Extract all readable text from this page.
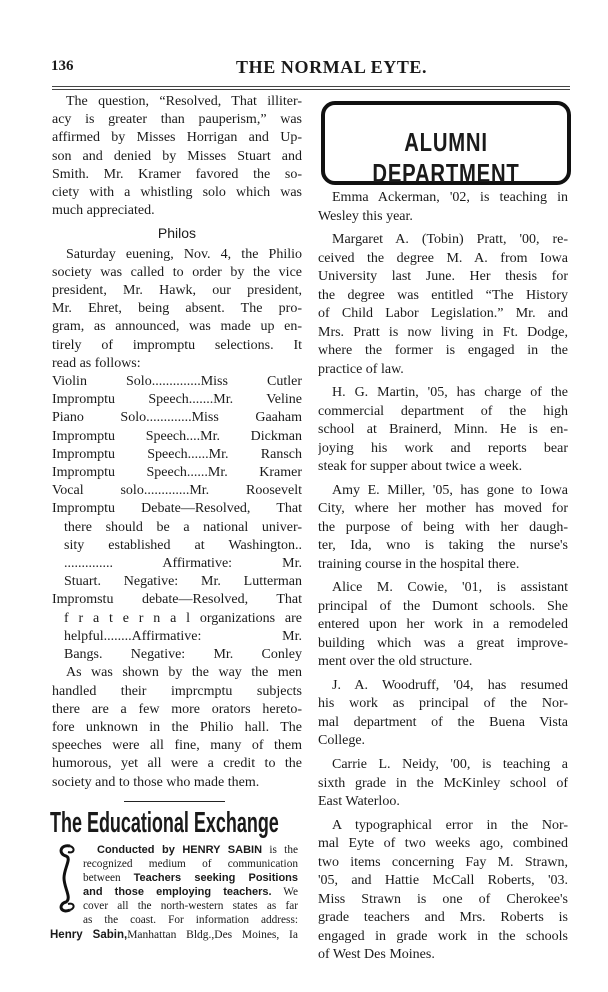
136	THE NORMAL EYTE.
The question, “Resolved, That illiter-
acy is greater than pauperism,” was
affirmed by Misses Horrigan and Up-
son and denied by Misses Stuart and
Smith. Mr. Kramer favored the so-
ciety with a whistling solo which was
much appreciated.
Philos
Saturday euening, Nov. 4, the Philio
society was called to order by the vice
president, Mr. Hawk, our president,
Mr. Ehret, being absent. The pro-
gram, as announced, was made up en-
tirely of impromptu selections. It
read as follows:
Violin Solo..............Miss Cutler
Impromptu Speech.......Mr. Veline
Piano Solo.............Miss Gaaham
Impromptu Speech....Mr. Dickman
Impromptu Speech......Mr. Ransch
Impromptu Speech......Mr. Kramer
Vocal solo.............Mr. Roosevelt
Impromptu Debate—Resolved, That
there should be a national univer-
sity established at Washington..
.............. Affirmative: Mr.
Stuart. Negative: Mr. Lutterman
Impromstu debate—Resolved, That
f r a t e r n a l organizations are
helpful........Affirmative: Mr.
Bangs. Negative: Mr. Conley
As was shown by the way the men
handled their imprcmptu subjects
there are a few more orators hereto-
fore unknown in the Philio hall. The
speeches were all fine, many of them
humorous, yet all were a credit to the
society and to those who made them.
The Educational Exchange
Conducted by HENRY SABIN is the
recognized medium of communication
between Teachers seeking Positions
and those employing teachers. We
cover all the north-western states as far
as the coast. For information address:
Henry Sabin,Manhattan Bldg.,Des Moines, Ia
ALUMNI DEPARTMENT
Emma Ackerman, '02, is teaching in
Wesley this year.
Margaret A. (Tobin) Pratt, '00, re-
ceived the degree M. A. from Iowa
University last June. Her thesis for
the degree was entitled “The History
of Child Labor Legislation.” Mr. and
Mrs. Pratt is now living in Ft. Dodge,
where the former is engaged in the
practice of law.
H. G. Martin, '05, has charge of the
commercial department of the high
school at Brainerd, Minn. He is en-
joying his work and reports bear
steak for supper about twice a week.
Amy E. Miller, '05, has gone to Iowa
City, where her mother has moved for
the purpose of being with her daugh-
ter, Ida, wno is taking the nurse's
training course in the hospital there.
Alice M. Cowie, '01, is assistant
principal of the Dumont schools. She
entered upon her work in a remodeled
building which was a great improve-
ment over the old structure.
J. A. Woodruff, '04, has resumed
his work as principal of the Nor-
mal department of the Buena Vista
College.
Carrie L. Neidy, '00, is teaching a
sixth grade in the McKinley school of
East Waterloo.
A typographical error in the Nor-
mal Eyte of two weeks ago, combined
two items concerning Fay M. Strawn,
'05, and Hattie McCall Roberts, '03.
Miss Strawn is one of Cherokee's
grade teachers and Mrs. Roberts is
engaged in grade work in the schools
of West Des Moines.
